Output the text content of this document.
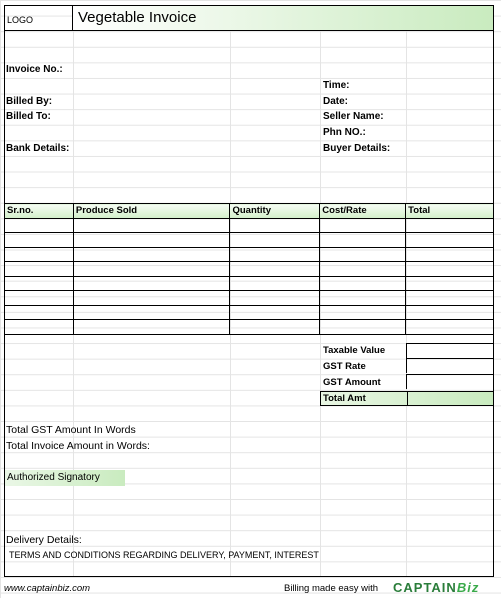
LOGO	Vegetable Invoice
Invoice No.:
Time:
Billed By:	Date:
Billed To:	Seller Name:
Phn NO.:
Bank Details:	Buyer Details:
Sr.no.	Produce Sold	Quantity	Cost/Rate	Total

Taxable Value
GST Rate
GST Amount
Total Amt
Total GST Amount In Words
Total Invoice Amount in Words:
Authorized Signatory
Delivery Details:
TERMS AND CONDITIONS REGARDING DELIVERY, PAYMENT, INTEREST
www.captainbiz.com	Billing made easy with CAPTAINBiz
